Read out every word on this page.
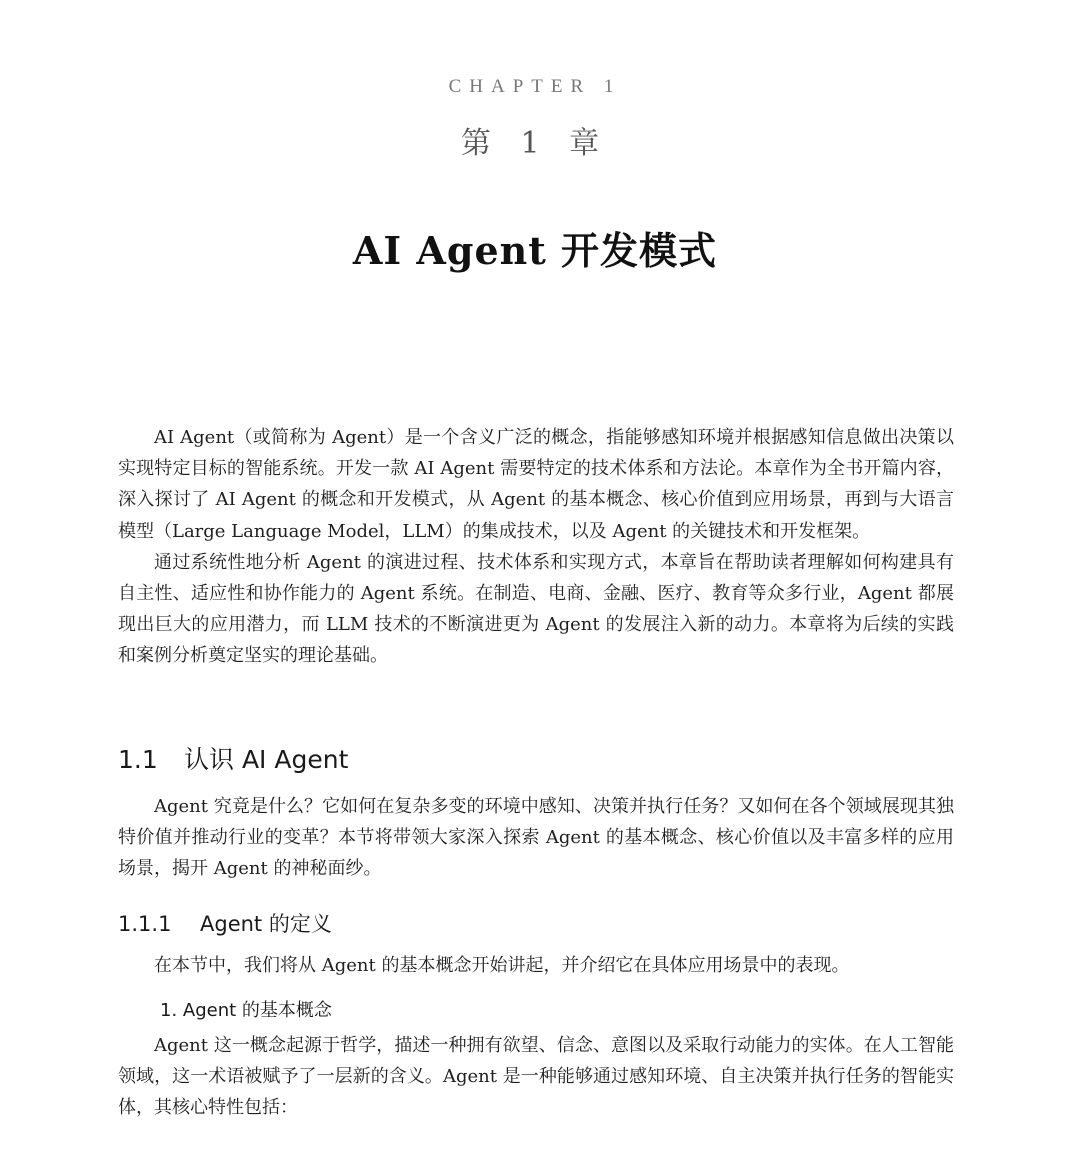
CHAPTER 1
第 1 章
AI Agent 开发模式

AI Agent（或简称为 Agent）是一个含义广泛的概念，指能够感知环境并根据感知信息做出决策以实现特定目标的智能系统。开发一款 AI Agent 需要特定的技术体系和方法论。本章作为全书开篇内容，深入探讨了 AI Agent 的概念和开发模式，从 Agent 的基本概念、核心价值到应用场景，再到与大语言模型（Large Language Model，LLM）的集成技术，以及 Agent 的关键技术和开发框架。

通过系统性地分析 Agent 的演进过程、技术体系和实现方式，本章旨在帮助读者理解如何构建具有自主性、适应性和协作能力的 Agent 系统。在制造、电商、金融、医疗、教育等众多行业，Agent 都展现出巨大的应用潜力，而 LLM 技术的不断演进更为 Agent 的发展注入新的动力。本章将为后续的实践和案例分析奠定坚实的理论基础。

1.1 认识 AI Agent

Agent 究竟是什么？它如何在复杂多变的环境中感知、决策并执行任务？又如何在各个领域展现其独特价值并推动行业的变革？本节将带领大家深入探索 Agent 的基本概念、核心价值以及丰富多样的应用场景，揭开 Agent 的神秘面纱。

1.1.1 Agent 的定义

在本节中，我们将从 Agent 的基本概念开始讲起，并介绍它在具体应用场景中的表现。

1. Agent 的基本概念

Agent 这一概念起源于哲学，描述一种拥有欲望、信念、意图以及采取行动能力的实体。在人工智能领域，这一术语被赋予了一层新的含义。Agent 是一种能够通过感知环境、自主决策并执行任务的智能实体，其核心特性包括：
